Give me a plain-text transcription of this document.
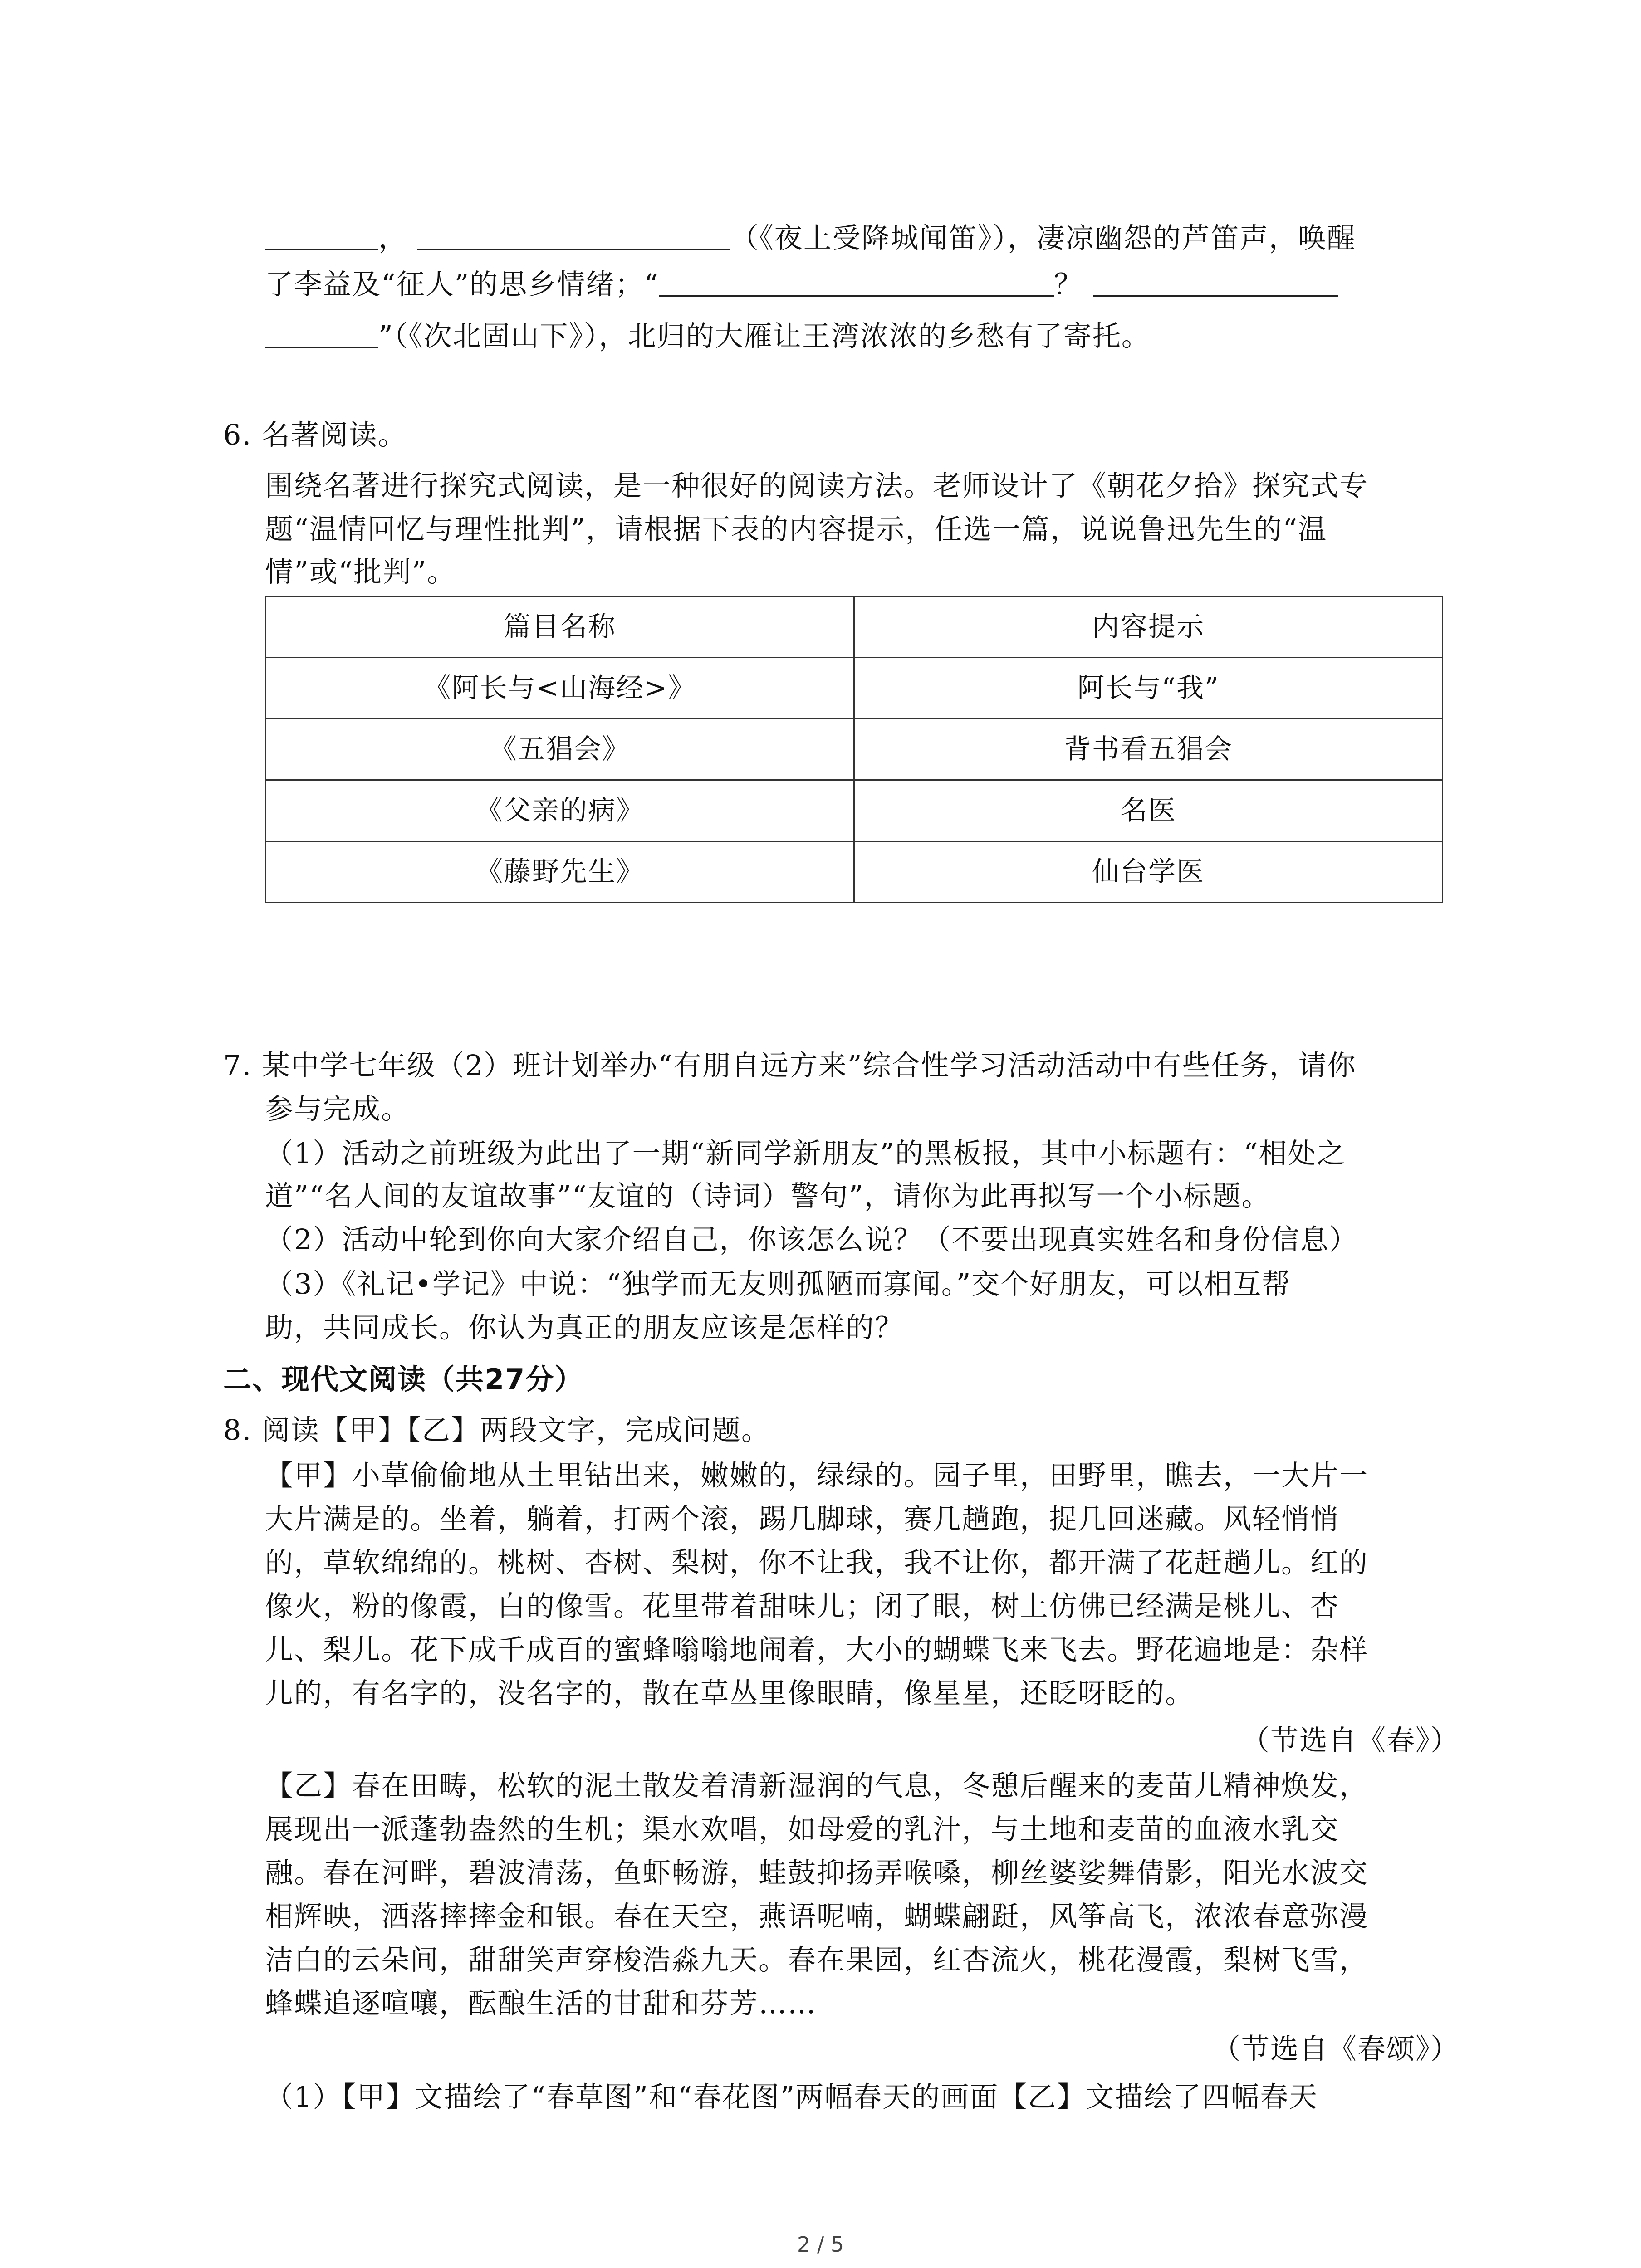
，	（《夜上受降城闻笛》），凄凉幽怨的芦笛声，唤醒
了李益及“征人”的思乡情绪；“	？
”（《次北固山下》），北归的大雁让王湾浓浓的乡愁有了寄托。
6. 名著阅读。
围绕名著进行探究式阅读，是一种很好的阅读方法。老师设计了《朝花夕拾》探究式专
题“温情回忆与理性批判”，请根据下表的内容提示，任选一篇，说说鲁迅先生的“温
情”或“批判”。
篇目名称	内容提示
《阿长与<山海经>》	阿长与“我”
《五猖会》	背书看五猖会
《父亲的病》	名医
《藤野先生》	仙台学医
7. 某中学七年级（2）班计划举办“有朋自远方来”综合性学习活动活动中有些任务，请你
参与完成。
（1）活动之前班级为此出了一期“新同学新朋友”的黑板报，其中小标题有：“相处之
道”“名人间的友谊故事”“友谊的（诗词）警句”，请你为此再拟写一个小标题。
（2）活动中轮到你向大家介绍自己，你该怎么说？（不要出现真实姓名和身份信息）
（3）《礼记•学记》中说：“独学而无友则孤陋而寡闻。”交个好朋友，可以相互帮
助，共同成长。你认为真正的朋友应该是怎样的？
二、现代文阅读（共27分）
8. 阅读【甲】【乙】两段文字，完成问题。
【甲】小草偷偷地从土里钻出来，嫩嫩的，绿绿的。园子里，田野里，瞧去，一大片一
大片满是的。坐着，躺着，打两个滚，踢几脚球，赛几趟跑，捉几回迷藏。风轻悄悄
的，草软绵绵的。桃树、杏树、梨树，你不让我，我不让你，都开满了花赶趟儿。红的
像火，粉的像霞，白的像雪。花里带着甜味儿；闭了眼，树上仿佛已经满是桃儿、杏
儿、梨儿。花下成千成百的蜜蜂嗡嗡地闹着，大小的蝴蝶飞来飞去。野花遍地是：杂样
儿的，有名字的，没名字的，散在草丛里像眼睛，像星星，还眨呀眨的。
（节选自《春》）
【乙】春在田畴，松软的泥土散发着清新湿润的气息，冬憩后醒来的麦苗儿精神焕发，
展现出一派蓬勃盎然的生机；渠水欢唱，如母爱的乳汁，与土地和麦苗的血液水乳交
融。春在河畔，碧波清荡，鱼虾畅游，蛙鼓抑扬弄喉嗓，柳丝婆娑舞倩影，阳光水波交
相辉映，洒落摔摔金和银。春在天空，燕语呢喃，蝴蝶翩跹，风筝高飞，浓浓春意弥漫
洁白的云朵间，甜甜笑声穿梭浩淼九天。春在果园，红杏流火，桃花漫霞，梨树飞雪，
蜂蝶追逐喧嚷，酝酿生活的甘甜和芬芳……
（节选自《春颂》）
（1）【甲】文描绘了“春草图”和“春花图”两幅春天的画面【乙】文描绘了四幅春天
2 / 5
